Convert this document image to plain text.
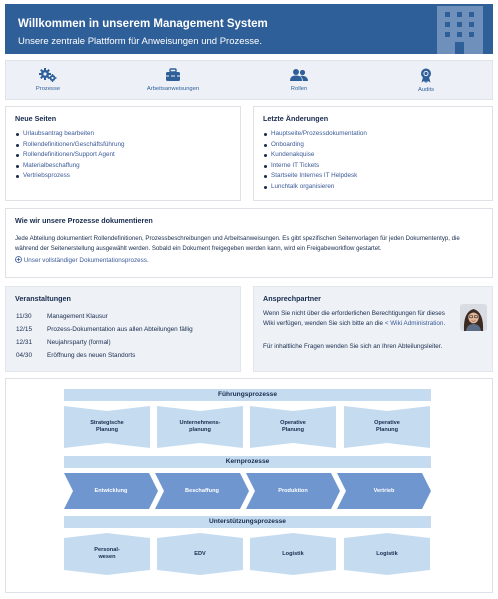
Willkommen in unserem Management System
Unsere zentrale Plattform für Anweisungen und Prozesse.
Prozesse	Arbeitsanweisungen	Rollen	Audits
Neue Seiten
Urlaubsantrag bearbeiten
Rollendefinitionen/Geschäftsführung
Rollendefinitionen/Support Agent
Materialbeschaffung
Vertriebsprozess
Letzte Änderungen
Hauptseite/Prozessdokumentation
Onboarding
Kundenakquise
Interne IT Tickets
Startseite Internes IT Helpdesk
Lunchtalk organisieren
Wie wir unsere Prozesse dokumentieren
Jede Abteilung dokumentiert Rollendefinitionen, Prozessbeschreibungen und Arbeitsanweisungen. Es gibt spezifischen Seitenvorlagen für jeden Dokumententyp, die während der Seitenerstellung ausgewählt werden. Sobald ein Dokument freigegeben werden kann, wird ein Freigabeworkflow gestartet.
Unser vollständiger Dokumentationsprozess.
Veranstaltungen
11/30	Management Klausur
12/15	Prozess-Dokumentation aus allen Abteilungen fällig
12/31	Neujahrsparty (formal)
04/30	Eröffnung des neuen Standorts
Ansprechpartner
Wenn Sie nicht über die erforderlichen Berechtigungen für dieses Wiki verfügen, wenden Sie sich bitte an die < Wiki Administration.
Für inhaltliche Fragen wenden Sie sich an Ihren Abteilungsleiter.
Führungsprozesse
Strategische
Planung
Unternehmens-
planung
Operative
Planung
Operative
Planung
Kernprozesse
Entwicklung	Beschaffung	Produktion	Vertrieb
Unterstützungsprozesse
Personal-
wesen
EDV	Logistik	Logistik
